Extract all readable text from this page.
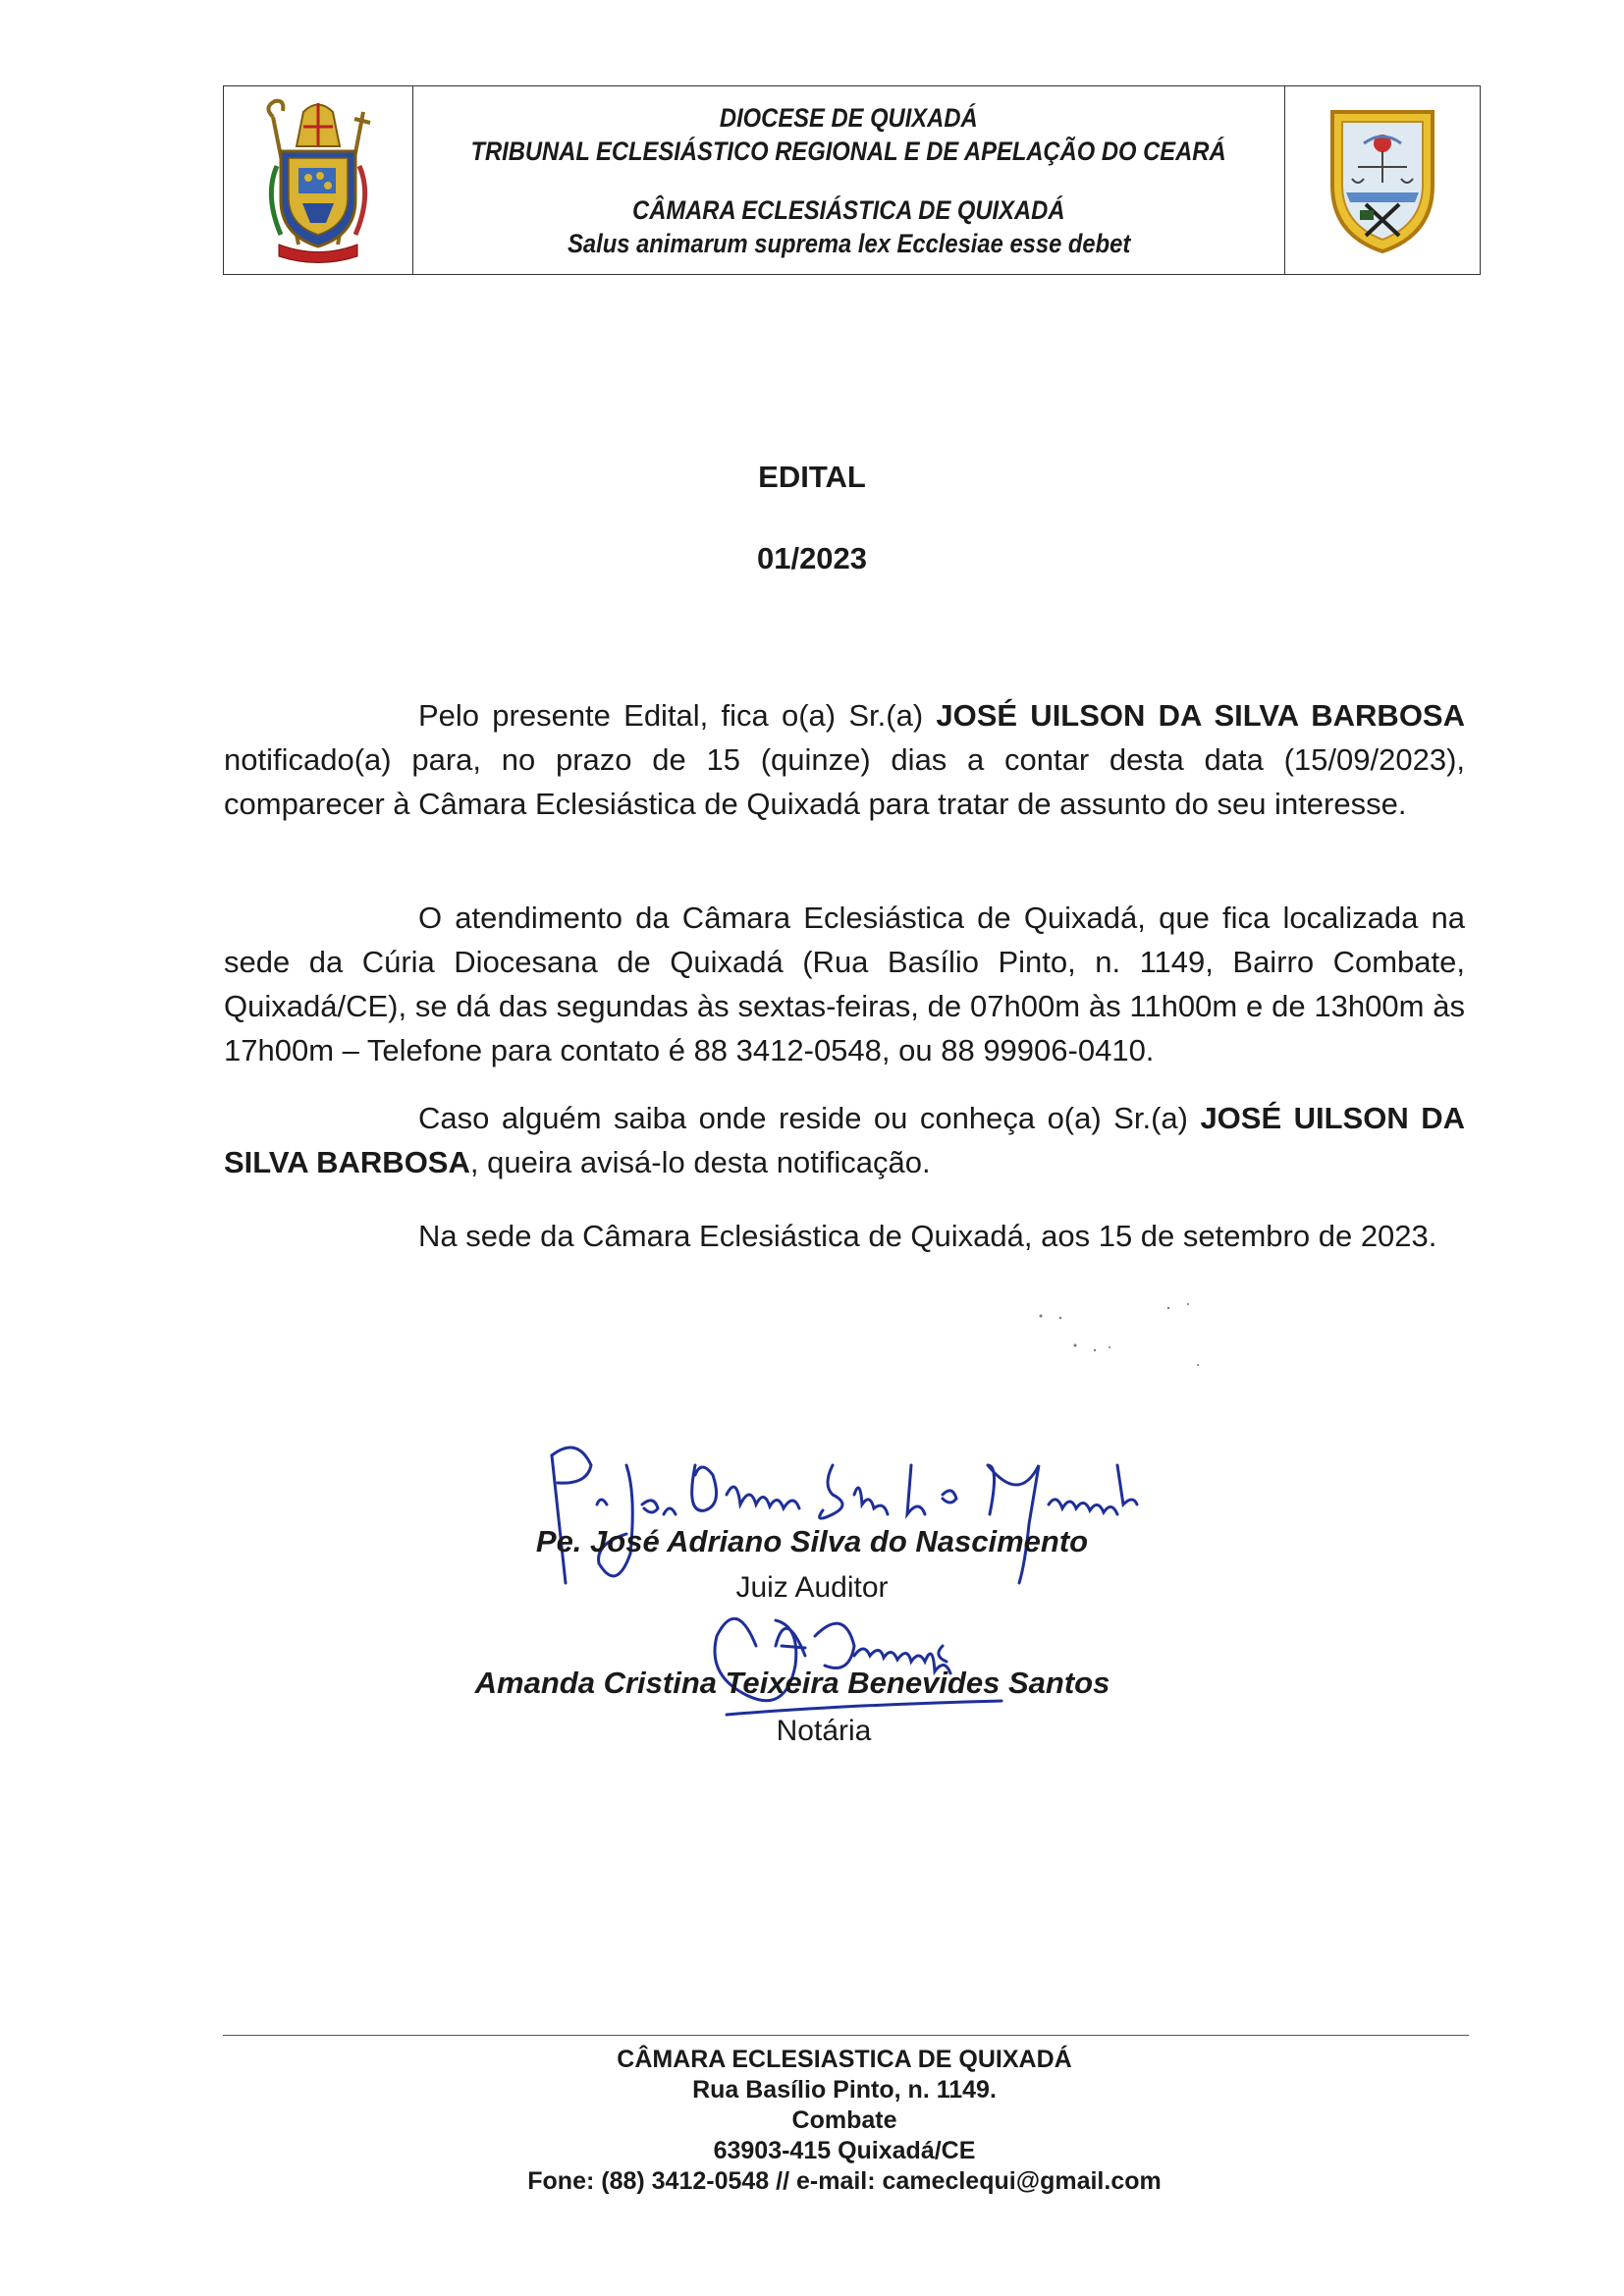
DIOCESE DE QUIXADÁ
TRIBUNAL ECLESIÁSTICO REGIONAL E DE APELAÇÃO DO CEARÁ
CÂMARA ECLESIÁSTICA DE QUIXADÁ
Salus animarum suprema lex Ecclesiae esse debet
EDITAL
01/2023
Pelo presente Edital, fica o(a) Sr.(a) JOSÉ UILSON DA SILVA BARBOSA notificado(a) para, no prazo de 15 (quinze) dias a contar desta data (15/09/2023), comparecer à Câmara Eclesiástica de Quixadá para tratar de assunto do seu interesse.
O atendimento da Câmara Eclesiástica de Quixadá, que fica localizada na sede da Cúria Diocesana de Quixadá (Rua Basílio Pinto, n. 1149, Bairro Combate, Quixadá/CE), se dá das segundas às sextas-feiras, de 07h00m às 11h00m e de 13h00m às 17h00m – Telefone para contato é 88 3412-0548, ou 88 99906-0410.
Caso alguém saiba onde reside ou conheça o(a) Sr.(a) JOSÉ UILSON DA SILVA BARBOSA, queira avisá-lo desta notificação.
Na sede da Câmara Eclesiástica de Quixadá, aos 15 de setembro de 2023.
Pe. José Adriano Silva do Nascimento
Juiz Auditor
Amanda Cristina Teixeira Benevides Santos
Notária
CÂMARA ECLESIASTICA DE QUIXADÁ
Rua Basílio Pinto, n. 1149.
Combate
63903-415 Quixadá/CE
Fone: (88) 3412-0548 // e-mail: cameclequi@gmail.com
